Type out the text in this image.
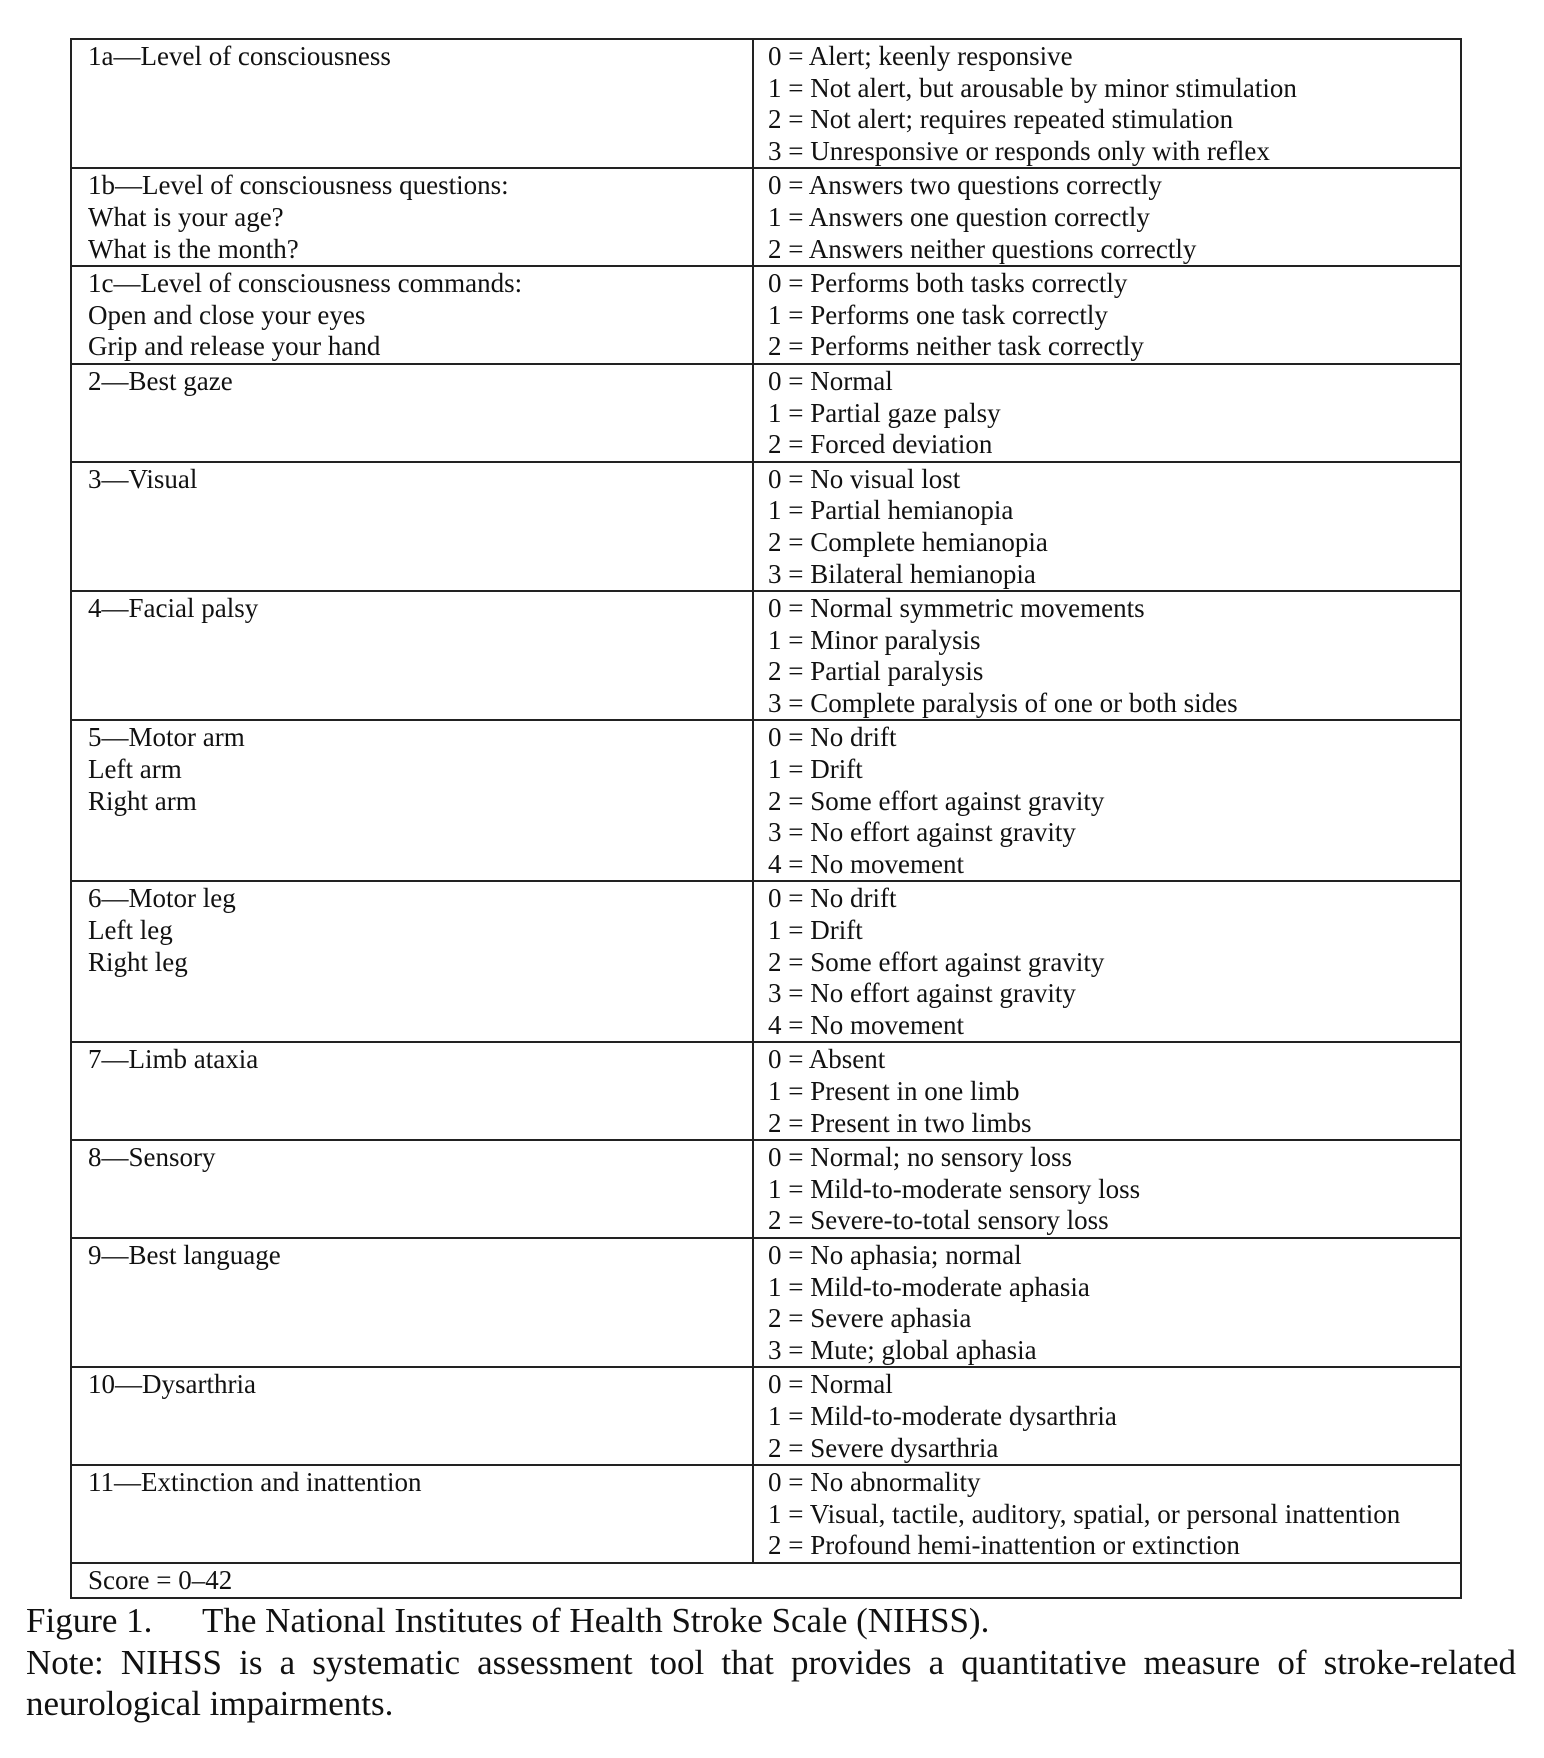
1a—Level of consciousness	0 = Alert; keenly responsive
1 = Not alert, but arousable by minor stimulation
2 = Not alert; requires repeated stimulation
3 = Unresponsive or responds only with reflex

1b—Level of consciousness questions:
What is your age?
What is the month?	0 = Answers two questions correctly
1 = Answers one question correctly
2 = Answers neither questions correctly

1c—Level of consciousness commands:
Open and close your eyes
Grip and release your hand	0 = Performs both tasks correctly
1 = Performs one task correctly
2 = Performs neither task correctly

2—Best gaze	0 = Normal
1 = Partial gaze palsy
2 = Forced deviation

3—Visual	0 = No visual lost
1 = Partial hemianopia
2 = Complete hemianopia
3 = Bilateral hemianopia

4—Facial palsy	0 = Normal symmetric movements
1 = Minor paralysis
2 = Partial paralysis
3 = Complete paralysis of one or both sides

5—Motor arm
Left arm
Right arm	0 = No drift
1 = Drift
2 = Some effort against gravity
3 = No effort against gravity
4 = No movement

6—Motor leg
Left leg
Right leg	0 = No drift
1 = Drift
2 = Some effort against gravity
3 = No effort against gravity
4 = No movement

7—Limb ataxia	0 = Absent
1 = Present in one limb
2 = Present in two limbs

8—Sensory	0 = Normal; no sensory loss
1 = Mild-to-moderate sensory loss
2 = Severe-to-total sensory loss

9—Best language	0 = No aphasia; normal
1 = Mild-to-moderate aphasia
2 = Severe aphasia
3 = Mute; global aphasia

10—Dysarthria	0 = Normal
1 = Mild-to-moderate dysarthria
2 = Severe dysarthria

11—Extinction and inattention	0 = No abnormality
1 = Visual, tactile, auditory, spatial, or personal inattention
2 = Profound hemi-inattention or extinction

Score = 0–42	
Figure 1. The National Institutes of Health Stroke Scale (NIHSS).
Note: NIHSS is a systematic assessment tool that provides a quantitative measure of stroke-related neurological impairments.
